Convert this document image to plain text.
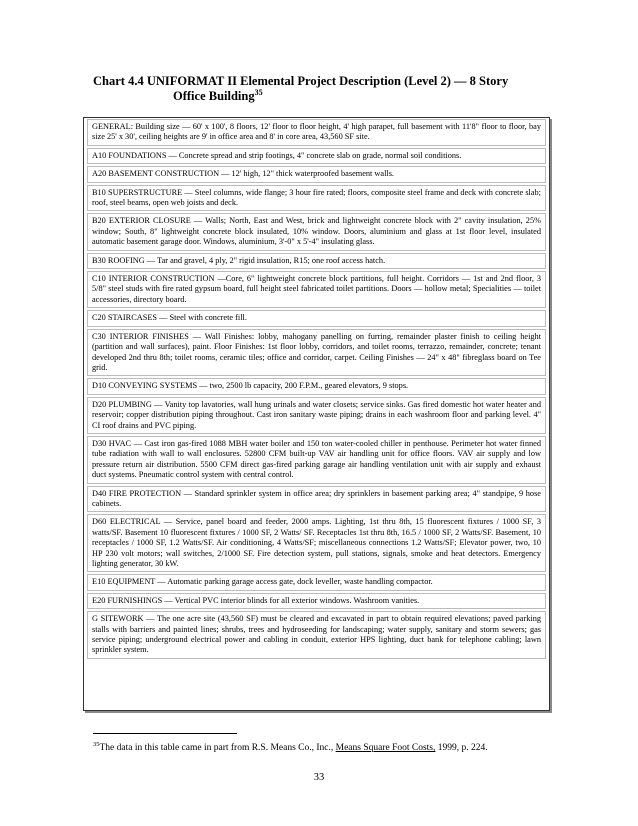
Chart 4.4 UNIFORMAT II Elemental Project Description (Level 2) — 8 Story
Office Building$^{35}$
GENERAL: Building size — 60' x 100', 8 floors, 12' floor to floor height, 4' high parapet, full basement with 11'8" floor to floor, bay size 25' x 30', ceiling heights are 9' in office area and 8' in core area, 43,560 SF site.
A10 FOUNDATIONS — Concrete spread and strip footings, 4" concrete slab on grade, normal soil conditions.
A20 BASEMENT CONSTRUCTION — 12' high, 12" thick waterproofed basement walls.
B10 SUPERSTRUCTURE — Steel columns, wide flange; 3 hour fire rated; floors, composite steel frame and deck with concrete slab; roof, steel beams, open web joists and deck.
B20 EXTERIOR CLOSURE — Walls; North, East and West, brick and lightweight concrete block with 2" cavity insulation, 25% window; South, 8" lightweight concrete block insulated, 10% window. Doors, aluminium and glass at 1st floor level, insulated automatic basement garage door. Windows, aluminium, 3'-0" x 5'-4" insulating glass.
B30 ROOFING — Tar and gravel, 4 ply, 2" rigid insulation, R15; one roof access hatch.
C10 INTERIOR CONSTRUCTION —Core, 6" lightweight concrete block partitions, full height. Corridors — 1st and 2nd floor, 3 5/8" steel studs with fire rated gypsum board, full height steel fabricated toilet partitions. Doors — hollow metal; Specialities — toilet accessories, directory board.
C20 STAIRCASES — Steel with concrete fill.
C30 INTERIOR FINISHES — Wall Finishes: lobby, mahogany panelling on furring, remainder plaster finish to ceiling height (partition and wall surfaces), paint. Floor Finishes: 1st floor lobby, corridors, and toilet rooms, terrazzo, remainder, concrete; tenant developed 2nd thru 8th; toilet rooms, ceramic tiles; office and corridor, carpet. Ceiling Finishes — 24" x 48" fibreglass board on Tee grid.
D10 CONVEYING SYSTEMS — two, 2500 lb capacity, 200 F.P.M., geared elevators, 9 stops.
D20 PLUMBING — Vanity top lavatories, wall hung urinals and water closets; service sinks. Gas fired domestic hot water heater and reservoir; copper distribution piping throughout. Cast iron sanitary waste piping; drains in each washroom floor and parking level. 4" CI roof drains and PVC piping.
D30 HVAC — Cast iron gas-fired 1088 MBH water boiler and 150 ton water-cooled chiller in penthouse. Perimeter hot water finned tube radiation with wall to wall enclosures. 52800 CFM built-up VAV air handling unit for office floors. VAV air supply and low pressure return air distribution. 5500 CFM direct gas-fired parking garage air handling ventilation unit with air supply and exhaust duct systems. Pneumatic control system with central control.
D40 FIRE PROTECTION — Standard sprinkler system in office area; dry sprinklers in basement parking area; 4" standpipe, 9 hose cabinets.
D60 ELECTRICAL — Service, panel board and feeder, 2000 amps. Lighting, 1st thru 8th, 15 fluorescent fixtures / 1000 SF, 3 watts/SF. Basement 10 fluorescent fixtures / 1000 SF, 2 Watts/ SF. Receptacles 1st thru 8th, 16.5 / 1000 SF, 2 Watts/SF. Basement, 10 receptacles / 1000 SF, 1.2 Watts/SF. Air conditioning, 4 Watts/SF; miscellaneous connections 1.2 Watts/SF; Elevator power, two, 10 HP 230 volt motors; wall switches, 2/1000 SF. Fire detection system, pull stations, signals, smoke and heat detectors. Emergency lighting generator, 30 kW.
E10 EQUIPMENT — Automatic parking garage access gate, dock leveller, waste handling compactor.
E20 FURNISHINGS — Vertical PVC interior blinds for all exterior windows. Washroom vanities.
G SITEWORK — The one acre site (43,560 SF) must be cleared and excavated in part to obtain required elevations; paved parking stalls with barriers and painted lines; shrubs, trees and hydroseeding for landscaping; water supply, sanitary and storm sewers; gas service piping; underground electrical power and cabling in conduit, exterior HPS lighting, duct bank for telephone cabling; lawn sprinkler system.
$^{35}$The data in this table came in part from R.S. Means Co., Inc., Means Square Foot Costs, 1999, p. 224.
33
